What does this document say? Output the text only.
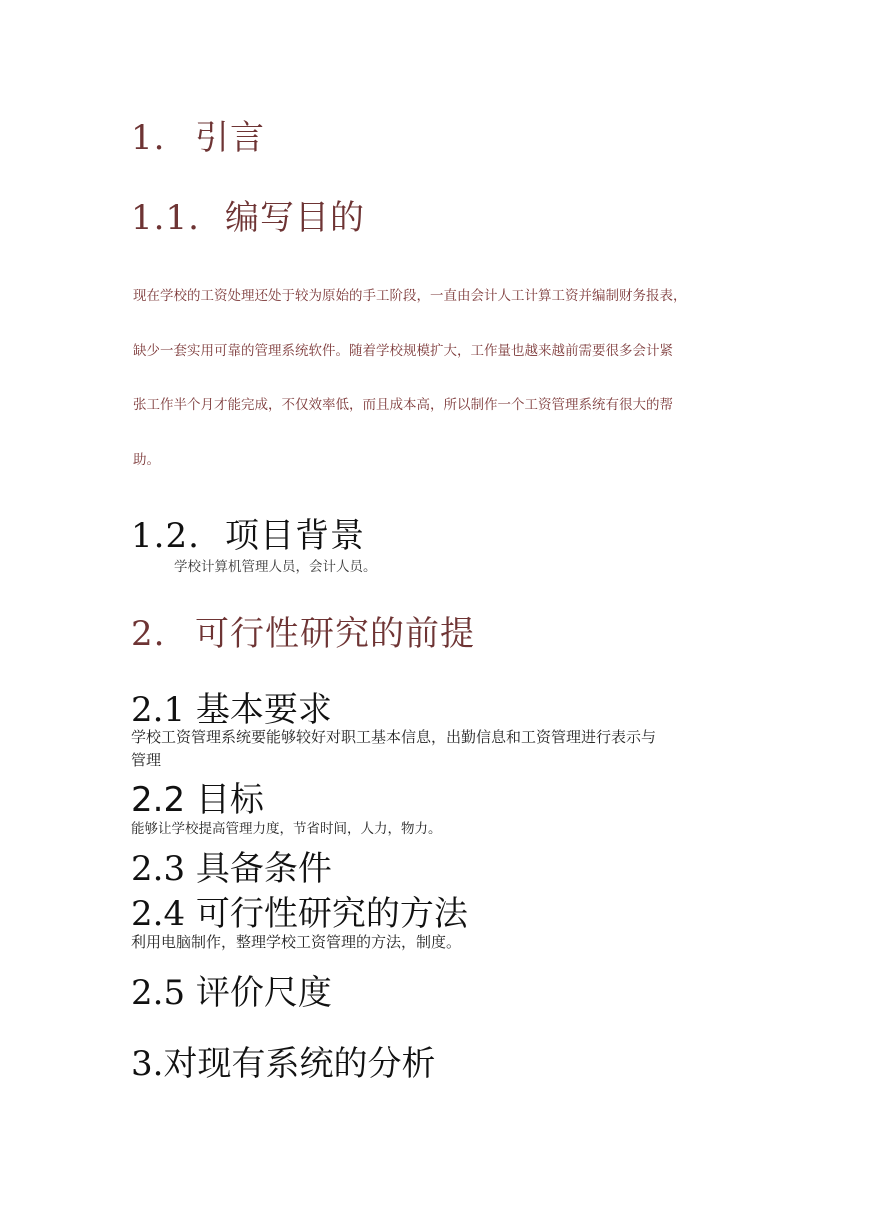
1. 引言
1.1. 编写目的

现在学校的工资处理还处于较为原始的手工阶段，一直由会计人工计算工资并编制财务报表，

缺少一套实用可靠的管理系统软件。随着学校规模扩大，工作量也越来越前需要很多会计紧

张工作半个月才能完成，不仅效率低，而且成本高，所以制作一个工资管理系统有很大的帮

助。

1.2. 项目背景

学校计算机管理人员，会计人员。

2. 可行性研究的前提
2.1 基本要求

学校工资管理系统要能够较好对职工基本信息，出勤信息和工资管理进行表示与

管理

2.2 目标

能够让学校提高管理力度，节省时间，人力，物力。

2.3 具备条件
2.4 可行性研究的方法

利用电脑制作，整理学校工资管理的方法，制度。

2.5 评价尺度
3.对现有系统的分析
